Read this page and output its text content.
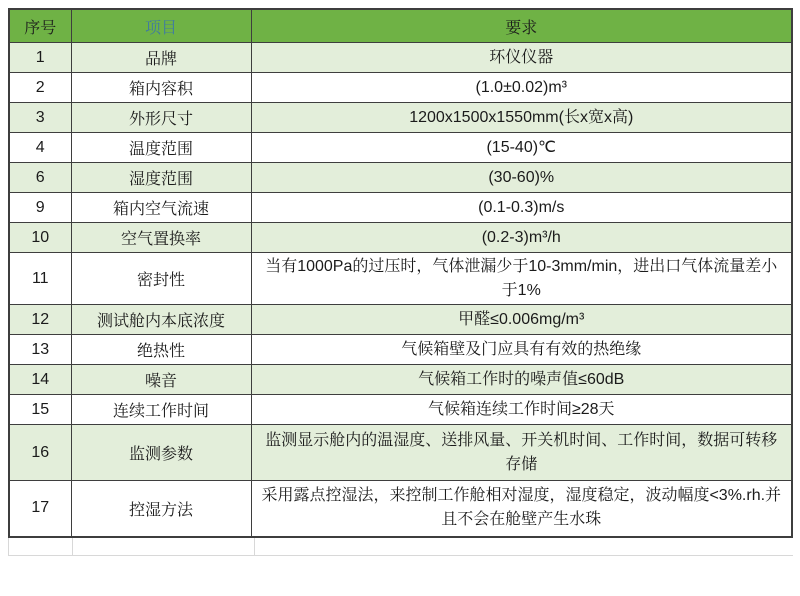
序号	项目	要求
1	品牌	环仪仪器
2	箱内容积	(1.0±0.02)m³
3	外形尺寸	1200x1500x1550mm(长x宽x高)
4	温度范围	(15-40)℃
6	湿度范围	(30-60)%
9	箱内空气流速	(0.1-0.3)m/s
10	空气置换率	(0.2-3)m³/h
11	密封性	当有1000Pa的过压时，气体泄漏少于10-3mm/min，进出口气体流量差小于1%
12	测试舱内本底浓度	甲醛≤0.006mg/m³
13	绝热性	气候箱壁及门应具有有效的热绝缘
14	噪音	气候箱工作时的噪声值≤60dB
15	连续工作时间	气候箱连续工作时间≥28天
16	监测参数	监测显示舱内的温湿度、送排风量、开关机时间、工作时间，数据可转移存储
17	控湿方法	采用露点控湿法，来控制工作舱相对湿度，湿度稳定，波动幅度<3%.rh.并且不会在舱壁产生水珠
